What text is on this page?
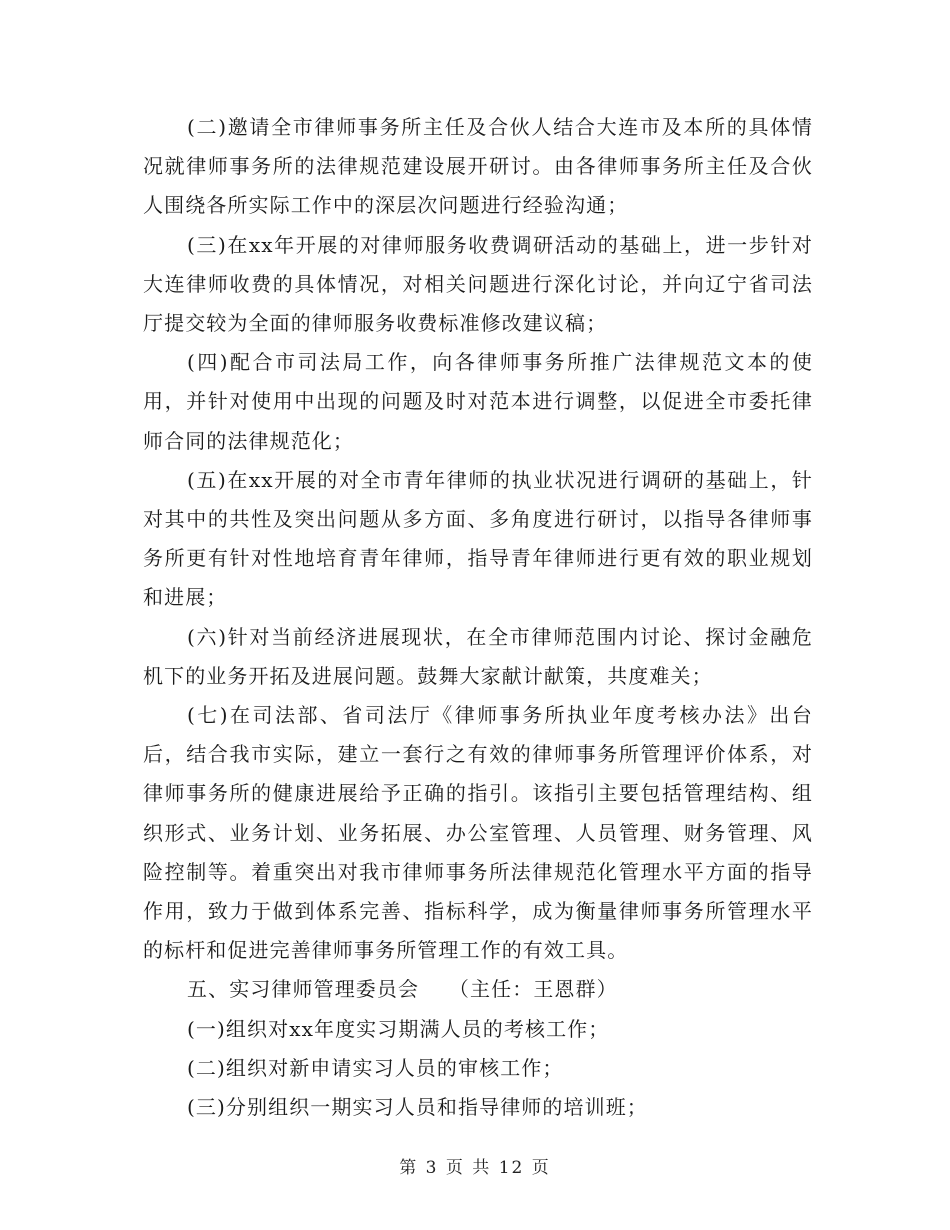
(二)邀请全市律师事务所主任及合伙人结合大连市及本所的具体情况就律师事务所的法律规范建设展开研讨。由各律师事务所主任及合伙人围绕各所实际工作中的深层次问题进行经验沟通；

(三)在xx年开展的对律师服务收费调研活动的基础上，进一步针对大连律师收费的具体情况，对相关问题进行深化讨论，并向辽宁省司法厅提交较为全面的律师服务收费标准修改建议稿；

(四)配合市司法局工作，向各律师事务所推广法律规范文本的使用，并针对使用中出现的问题及时对范本进行调整，以促进全市委托律师合同的法律规范化；

(五)在xx开展的对全市青年律师的执业状况进行调研的基础上，针对其中的共性及突出问题从多方面、多角度进行研讨，以指导各律师事务所更有针对性地培育青年律师，指导青年律师进行更有效的职业规划和进展；

(六)针对当前经济进展现状，在全市律师范围内讨论、探讨金融危机下的业务开拓及进展问题。鼓舞大家献计献策，共度难关；

(七)在司法部、省司法厅《律师事务所执业年度考核办法》出台后，结合我市实际，建立一套行之有效的律师事务所管理评价体系，对律师事务所的健康进展给予正确的指引。该指引主要包括管理结构、组织形式、业务计划、业务拓展、办公室管理、人员管理、财务管理、风险控制等。着重突出对我市律师事务所法律规范化管理水平方面的指导作用，致力于做到体系完善、指标科学，成为衡量律师事务所管理水平的标杆和促进完善律师事务所管理工作的有效工具。

五、实习律师管理委员会    （主任：王恩群）

(一)组织对xx年度实习期满人员的考核工作；

(二)组织对新申请实习人员的审核工作；

(三)分别组织一期实习人员和指导律师的培训班；

第 3 页 共 12 页
